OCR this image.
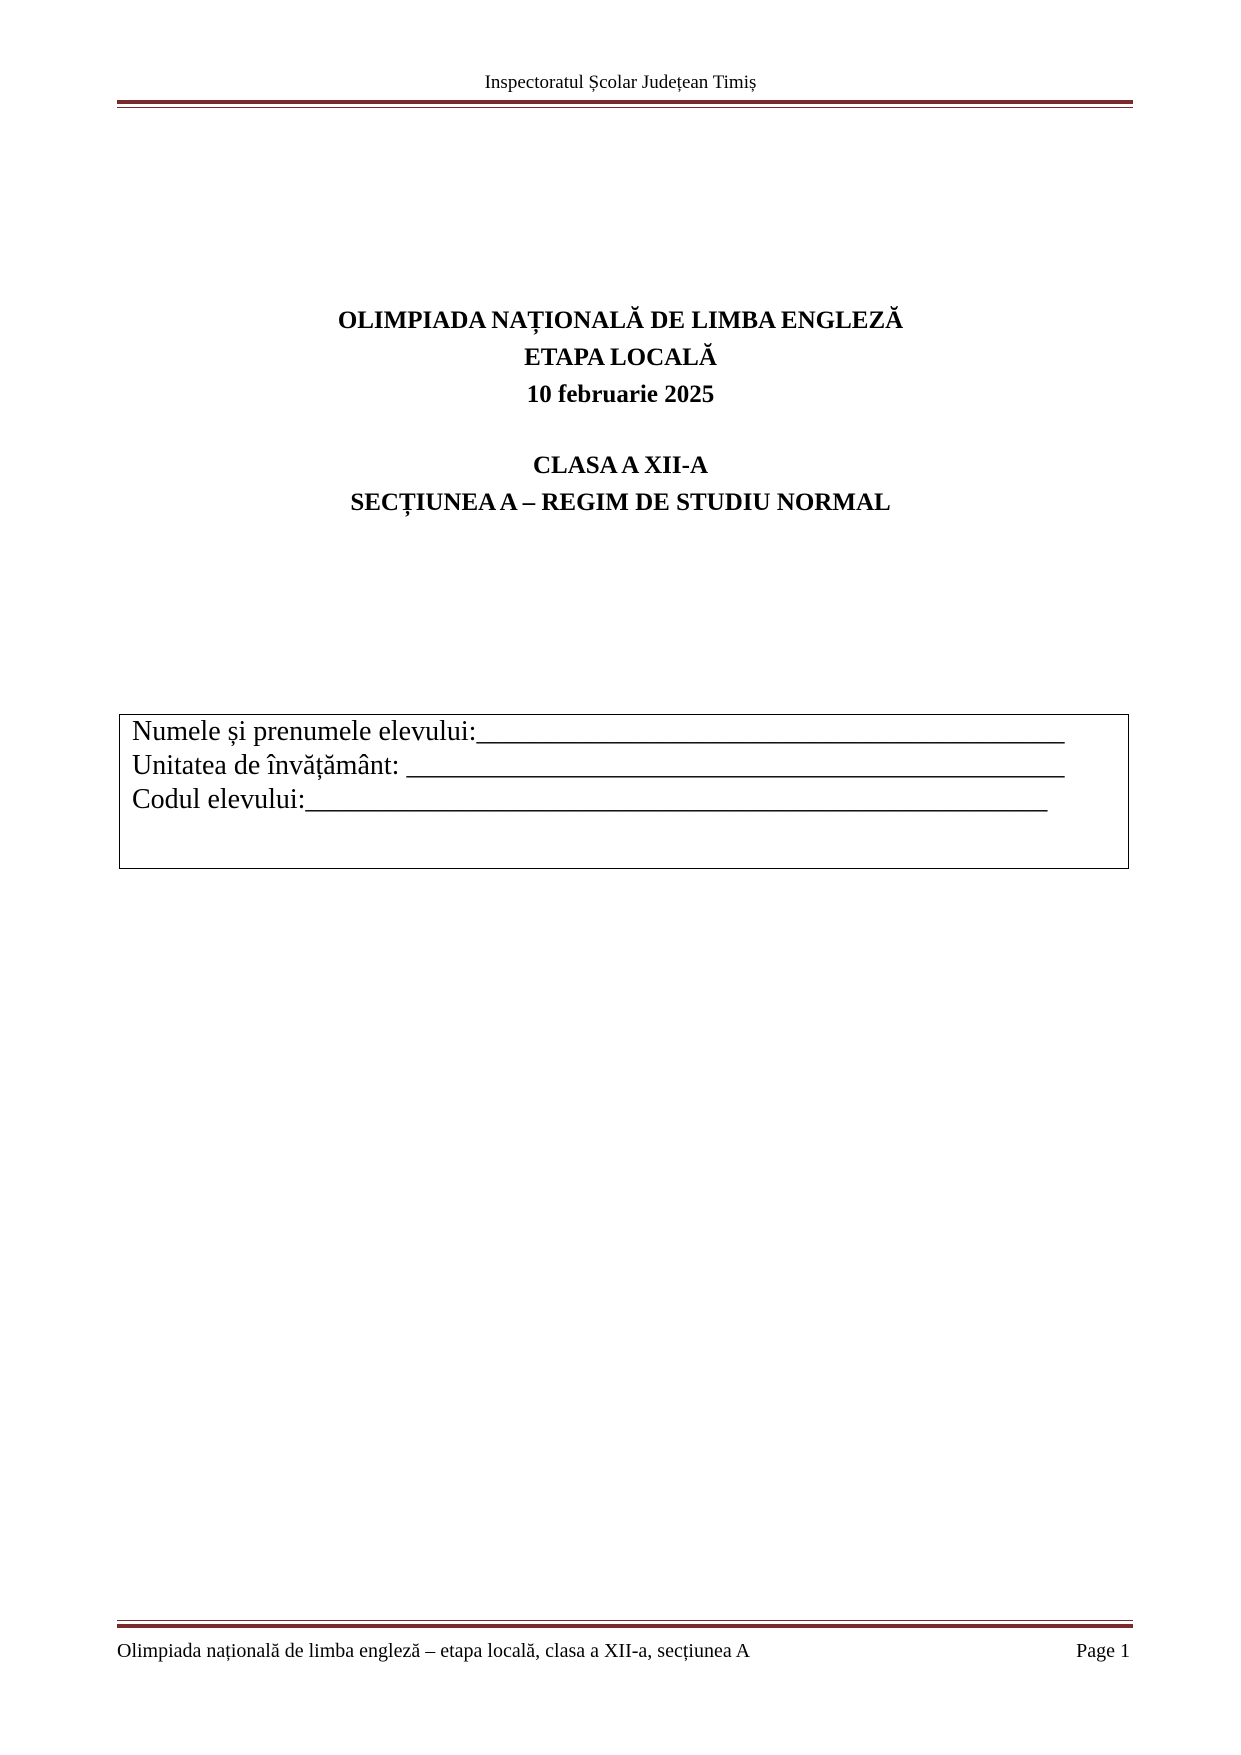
Inspectoratul Școlar Județean Timiș
OLIMPIADA NAȚIONALĂ DE LIMBA ENGLEZĂ
ETAPA LOCALĂ
10 februarie 2025
CLASA A XII-A
SECȚIUNEA A – REGIM DE STUDIU NORMAL
Numele și prenumele elevului:__________________________________________
Unitatea de învățământ: _______________________________________________
Codul elevului:_____________________________________________________
Olimpiada națională de limba engleză – etapa locală, clasa a XII-a, secțiunea A	Page 1
